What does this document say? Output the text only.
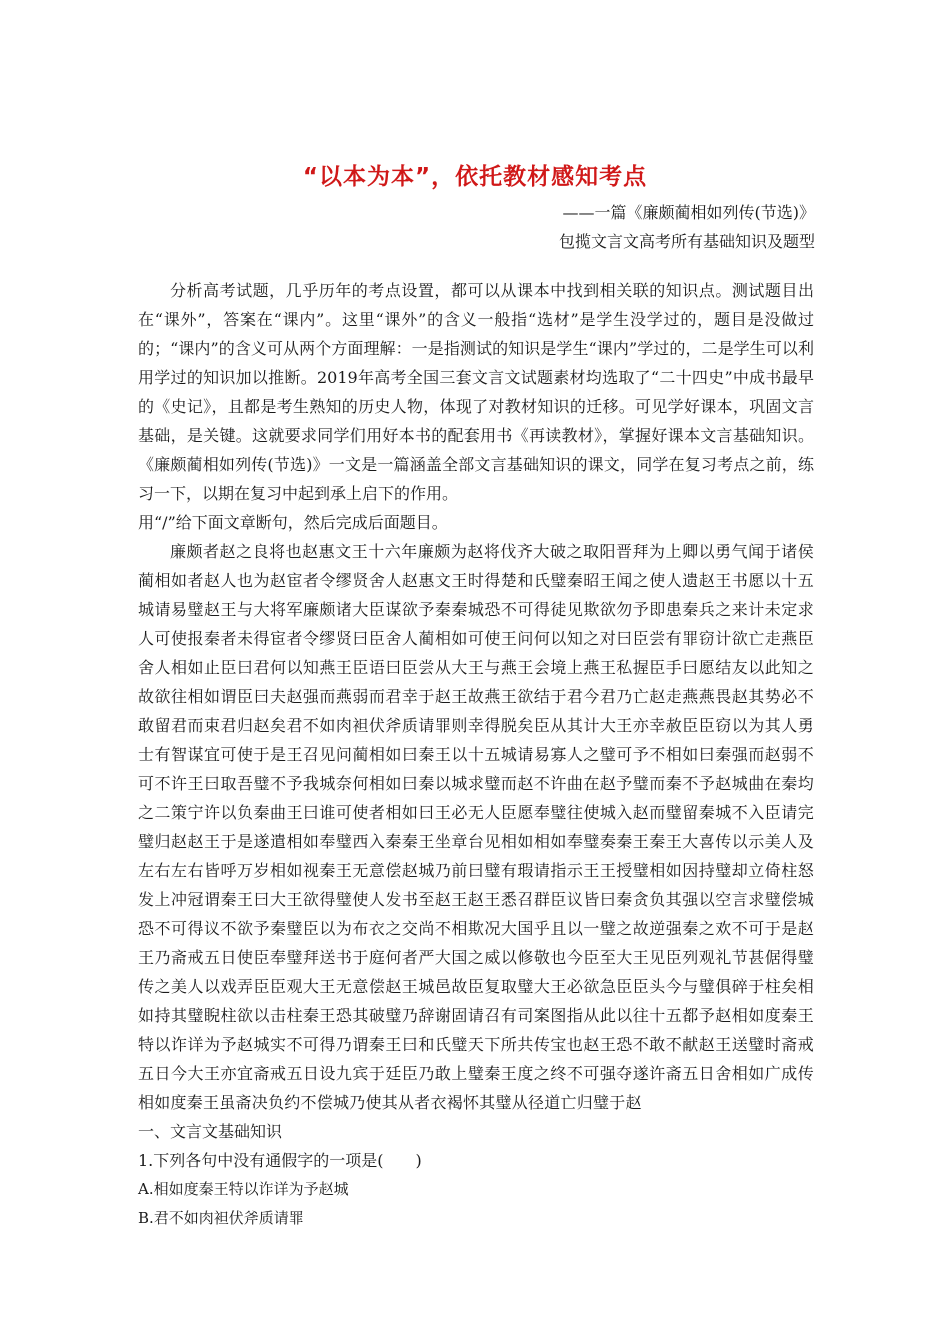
“以本为本”，依托教材感知考点
——一篇《廉颇蔺相如列传(节选)》
包揽文言文高考所有基础知识及题型

分析高考试题，几乎历年的考点设置，都可以从课本中找到相关联的知识点。测试题目出在“课外”，答案在“课内”。这里“课外”的含义一般指“选材”是学生没学过的，题目是没做过的；“课内”的含义可从两个方面理解：一是指测试的知识是学生“课内”学过的，二是学生可以利用学过的知识加以推断。2019年高考全国三套文言文试题素材均选取了“二十四史”中成书最早的《史记》，且都是考生熟知的历史人物，体现了对教材知识的迁移。可见学好课本，巩固文言基础，是关键。这就要求同学们用好本书的配套用书《再读教材》，掌握好课本文言基础知识。《廉颇蔺相如列传(节选)》一文是一篇涵盖全部文言基础知识的课文，同学在复习考点之前，练习一下，以期在复习中起到承上启下的作用。

用“/”给下面文章断句，然后完成后面题目。

廉颇者赵之良将也赵惠文王十六年廉颇为赵将伐齐大破之取阳晋拜为上卿以勇气闻于诸侯蔺相如者赵人也为赵宦者令缪贤舍人赵惠文王时得楚和氏璧秦昭王闻之使人遗赵王书愿以十五城请易璧赵王与大将军廉颇诸大臣谋欲予秦秦城恐不可得徒见欺欲勿予即患秦兵之来计未定求人可使报秦者未得宦者令缪贤曰臣舍人蔺相如可使王问何以知之对曰臣尝有罪窃计欲亡走燕臣舍人相如止臣曰君何以知燕王臣语曰臣尝从大王与燕王会境上燕王私握臣手曰愿结友以此知之故欲往相如谓臣曰夫赵强而燕弱而君幸于赵王故燕王欲结于君今君乃亡赵走燕燕畏赵其势必不敢留君而束君归赵矣君不如肉袒伏斧质请罪则幸得脱矣臣从其计大王亦幸赦臣臣窃以为其人勇士有智谋宜可使于是王召见问蔺相如曰秦王以十五城请易寡人之璧可予不相如曰秦强而赵弱不可不许王曰取吾璧不予我城奈何相如曰秦以城求璧而赵不许曲在赵予璧而秦不予赵城曲在秦均之二策宁许以负秦曲王曰谁可使者相如曰王必无人臣愿奉璧往使城入赵而璧留秦城不入臣请完璧归赵赵王于是遂遣相如奉璧西入秦秦王坐章台见相如相如奉璧奏秦王秦王大喜传以示美人及左右左右皆呼万岁相如视秦王无意偿赵城乃前曰璧有瑕请指示王王授璧相如因持璧却立倚柱怒发上冲冠谓秦王曰大王欲得璧使人发书至赵王赵王悉召群臣议皆曰秦贪负其强以空言求璧偿城恐不可得议不欲予秦璧臣以为布衣之交尚不相欺况大国乎且以一璧之故逆强秦之欢不可于是赵王乃斋戒五日使臣奉璧拜送书于庭何者严大国之威以修敬也今臣至大王见臣列观礼节甚倨得璧传之美人以戏弄臣臣观大王无意偿赵王城邑故臣复取璧大王必欲急臣臣头今与璧俱碎于柱矣相如持其璧睨柱欲以击柱秦王恐其破璧乃辞谢固请召有司案图指从此以往十五都予赵相如度秦王特以诈详为予赵城实不可得乃谓秦王曰和氏璧天下所共传宝也赵王恐不敢不献赵王送璧时斋戒五日今大王亦宜斋戒五日设九宾于廷臣乃敢上璧秦王度之终不可强夺遂许斋五日舍相如广成传相如度秦王虽斋决负约不偿城乃使其从者衣褐怀其璧从径道亡归璧于赵

一、文言文基础知识

1.下列各句中没有通假字的一项是(　　)

A.相如度秦王特以诈详为予赵城

B.君不如肉袒伏斧质请罪
